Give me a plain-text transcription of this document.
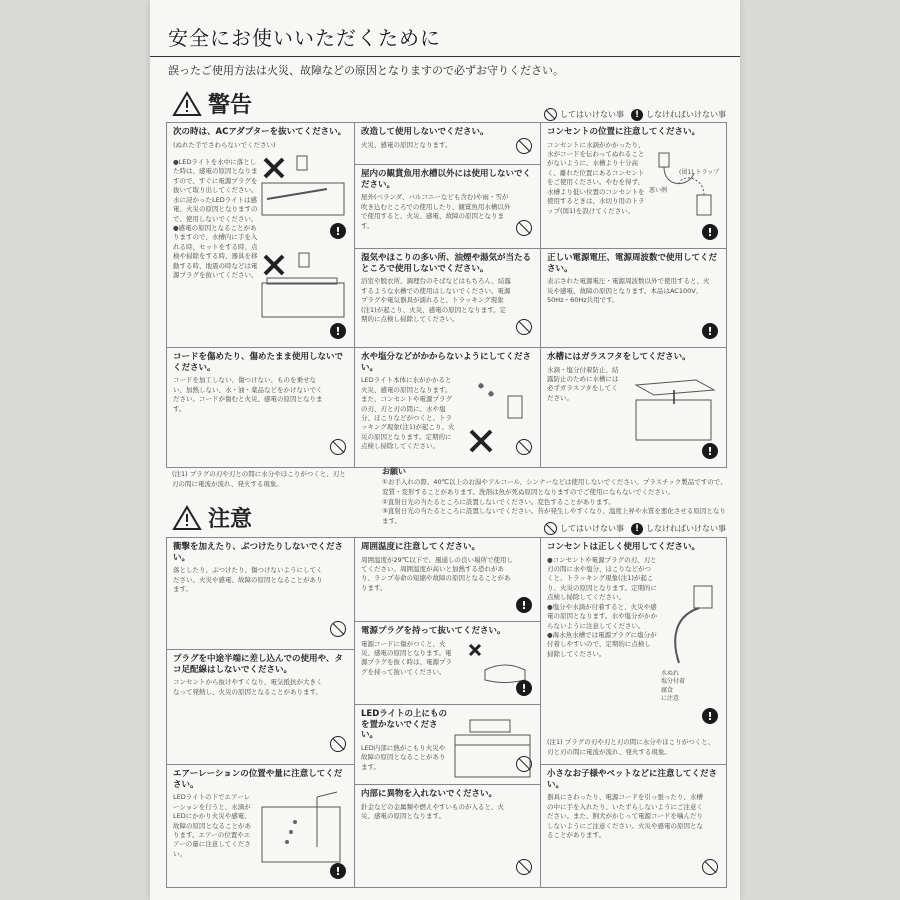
安全にお使いいただくために
誤ったご使用方法は火災、故障などの原因となりますので必ずお守りください。
警告	してはいけない事	! しなければいけない事
次の時は、ACアダプターを抜いてください。

(ぬれた手でさわらないでください)

●LEDライトを水中に落とした時は、感電の原因となりますので、すぐに電源プラグを抜いて取り出してください。水に浸かったLEDライトは感電、火災の原因となりますので、使用しないでください。
●感電の原因となることがありますので、水槽内に手を入れる時、セットをする時、点検や掃除をする時、器具を移動する時、地震の時などは電源プラグを抜いてください。

!
!
改造して使用しないでください。

火災、感電の原因となります。

屋内の観賞魚用水槽以外には使用しないでください。

屋外(ベランダ、バルコニーなども含む)や雨・雪が吹き込むところでの使用したり、観賞魚用水槽以外で使用すると、火災、感電、故障の原因となります。

湿気やほこりの多い所、油煙や湯気が当たるところで使用しないでください。

浴室や脱衣所、調理台のそばなどはもちろん、結露するような水槽での使用はしないでください。電源プラグや電気器具が濡れると、トラッキング現象(注1)が起こり、火災、感電の原因となります。定期的に点検し掃除してください。

コンセントの位置に注意してください。

コンセントに水滴がかかったり、水がコードを伝わってぬれることがないように、水槽より十分高く、離れた位置にあるコンセントをご使用ください。やむを得ず、水槽より低い位置のコンセントを使用するときは、水切り用のトラップ(図1)を設けてください。

悪い例
(図1) トラップ
!
正しい電源電圧、電源周波数で使用してください。

表示された電源電圧・電源周波数以外で使用すると、火災や感電、故障の原因となります。本品はAC100V、50Hz・60Hz共用です。

!
コードを傷めたり、傷めたまま使用しないでください。

コードを加工しない、傷つけない、ものを乗せない、加熱しない、水・油・薬品などをかけないでください。コードが傷むと火災、感電の原因となります。

水や塩分などがかからないようにしてください。

LEDライト本体に水がかかると火災、感電の原因となります。また、コンセントや電源プラグの刃、刃と刃の間に、水や塩分、ほこりなどがつくと、トラッキング現象(注1)が起こり、火災の原因となります。定期的に点検し掃除してください。

水槽にはガラスフタをしてください。

水滴・塩分付着防止、結露防止のために水槽には必ずガラスフタをしてください。

!
(注1) プラグの刃や刃との間に水分やほこりがつくと、刃と刃の間に電流が流れ、発火する現象。
お願い
①お手入れの際、40℃以上のお湯やアルコール、シンナーなどは使用しないでください。プラスチック製品ですので、変質・変形することがあります。洗剤は魚が死ぬ原因となりますのでご使用にならないでください。
②直射日光の当たるところに設置しないでください。変色することがあります。
③直射日光の当たるところに設置しないでください。苔が発生しやすくなり、温度上昇や水質を悪化させる原因となります。
注意	してはいけない事	! しなければいけない事
衝撃を加えたり、ぶつけたりしないでください。

落としたり、ぶつけたり、傷つけないようにしてください。火災や感電、故障の原因となることがあります。

プラグを中途半端に差し込んでの使用や、タコ足配線はしないでください。

コンセントから抜けやすくなり、電気抵抗が大きくなって発熱し、火災の原因となることがあります。

エアーレーションの位置や量に注意してください。

LEDライトの下でエアーレーションを行うと、水滴がLEDにかかり火災や感電、故障の原因となることがあります。エアーの位置やエアーの量に注意してください。

!
周囲温度に注意してください。

周囲温度が29℃以下で、風通しの良い場所で使用してください。周囲温度が高いと加熱する恐れがあり、ランプ寿命の短縮や故障の原因となることがあります。

!
電源プラグを持って抜いてください。

電源コードに傷がつくと、火災、感電の原因となります。電源プラグを抜く時は、電源プラグを持って抜いてください。

!
LEDライトの上にものを置かないでください。

LED内部に熱がこもり火災や故障の原因となることがあります。

内部に異物を入れないでください。

針金などの金属類や燃えやすいものが入ると、火災、感電の原因となります。

コンセントは正しく使用してください。

●コンセントや電源プラグの刃、刃と刃の間に水や塩分、ほこりなどがつくと、トラッキング現象(注1)が起こり、火災の原因となります。定期的に点検し掃除してください。
●塩分や水滴が付着すると、火災や感電の原因となります。水や塩分がかからないように注意してください。
●海水魚水槽では電源プラグに塩分が付着しやすいので、定期的に点検し掃除してください。

水ぬれ
塩分付着
腐食
に注意
(注1) プラグの刃や刃と刃の間に水分やほこりがつくと、刃と刃の間に電流が流れ、発火する現象。
!
小さなお子様やペットなどに注意してください。

器具にさわったり、電源コードを引っ張ったり、水槽の中に手を入れたり、いたずらしないようにご注意ください。また、飼犬がかじって電源コードを噛んだりしないようにご注意ください。火災や感電の原因となることがあります。
